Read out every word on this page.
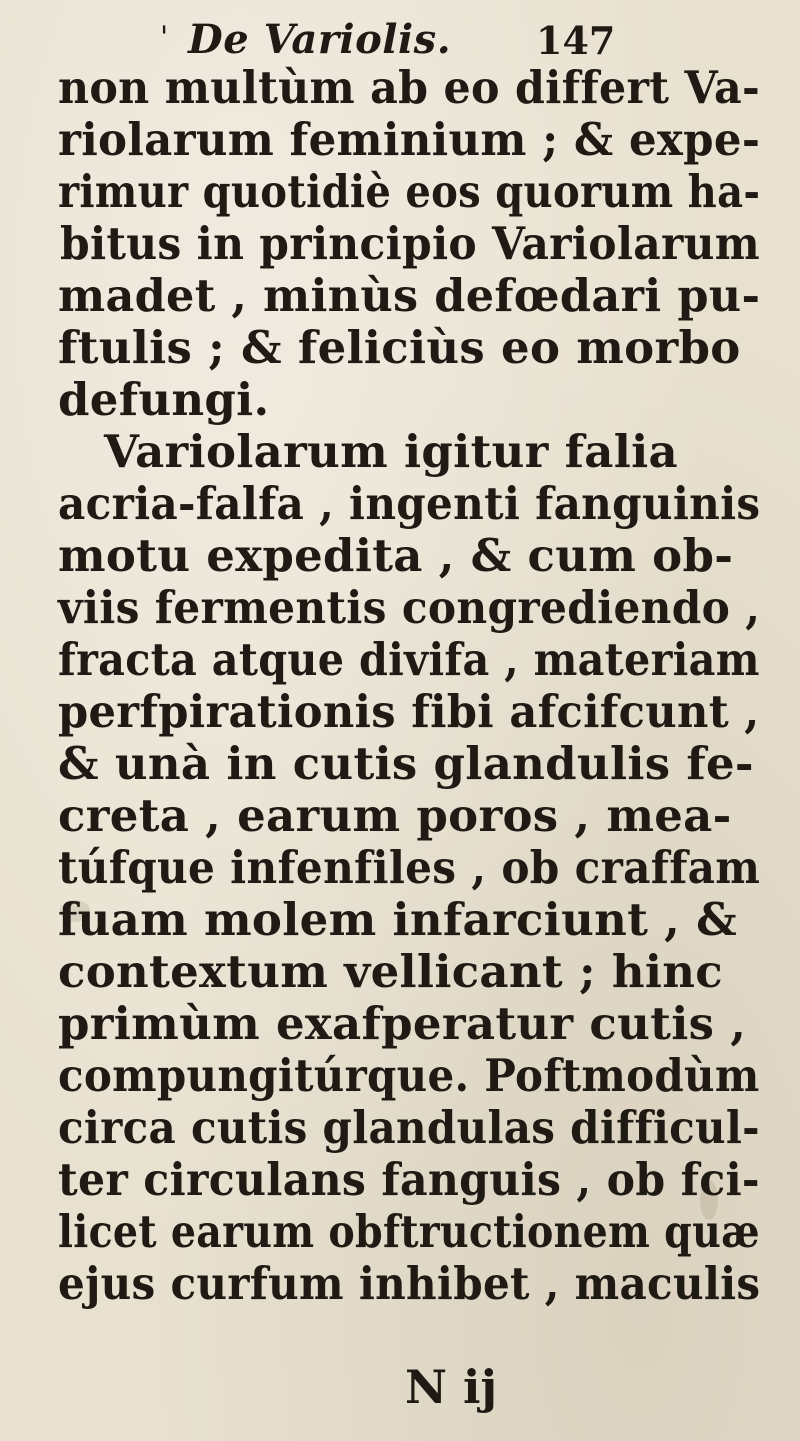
' De Variolis. 147
non multùm ab eo differt Va-
riolarum feminium ; & expe-
rimur quotidiè eos quorum ha-
bitus in principio Variolarum
madet , minùs defœdari pu-
ftulis ; & feliciùs eo morbo
defungi.
Variolarum igitur falia
acria-falfa , ingenti fanguinis
motu expedita , & cum ob-
viis fermentis congrediendo ,
fracta atque divifa , materiam
perfpirationis fibi afcifcunt ,
& unà in cutis glandulis fe-
creta , earum poros , mea-
túfque infenfiles , ob craffam
fuam molem infarciunt , &
contextum vellicant ; hinc
primùm exafperatur cutis ,
compungitúrque. Poftmodùm
circa cutis glandulas difficul-
ter circulans fanguis , ob fci-
licet earum obftructionem quæ
ejus curfum inhibet , maculis
N ij
